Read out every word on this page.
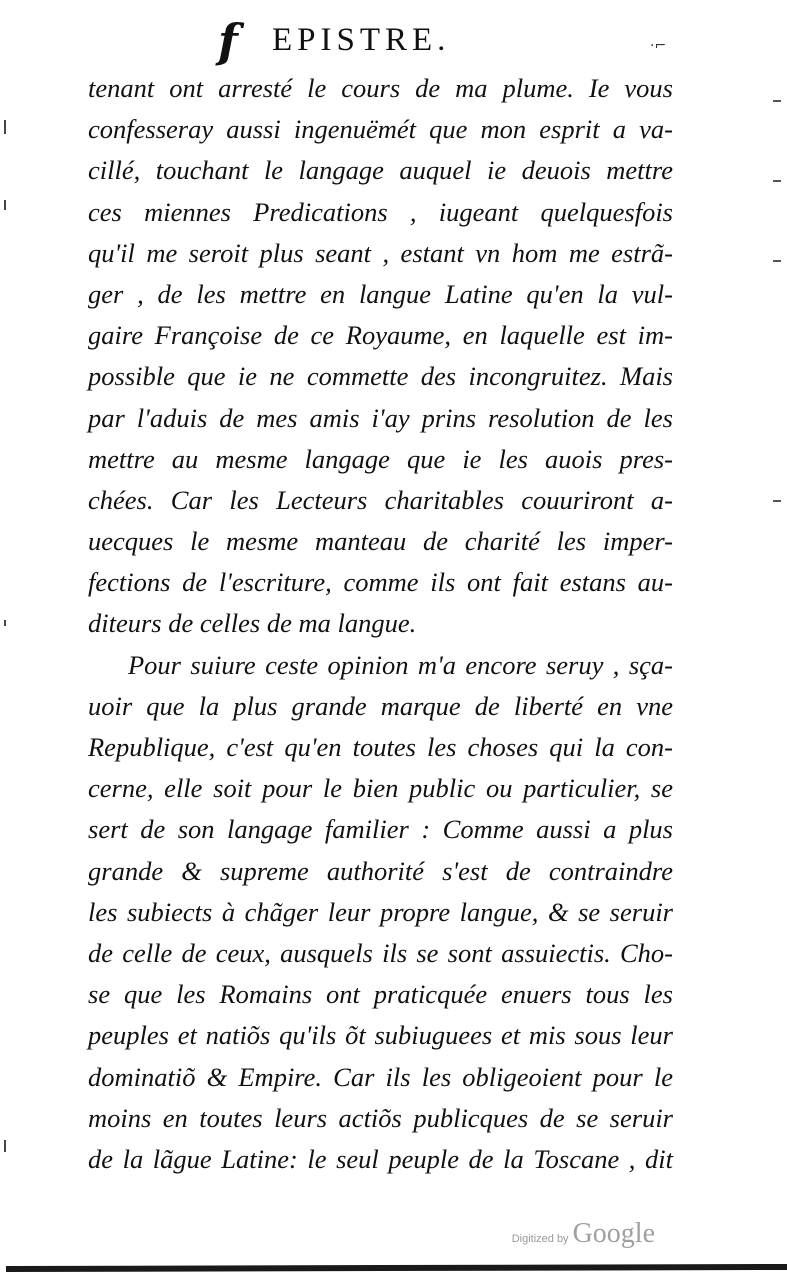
f EPISTRE.	·⌐
tenant ont arresté le cours de ma plume. Ie vous
confesseray aussi ingenuëmét que mon esprit a va-
cillé, touchant le langage auquel ie deuois mettre
ces miennes Predications , iugeant quelquesfois
qu'il me seroit plus seant , estant vn hom me estrã-
ger , de les mettre en langue Latine qu'en la vul-
gaire Françoise de ce Royaume, en laquelle est im-
possible que ie ne commette des incongruitez. Mais
par l'aduis de mes amis i'ay prins resolution de les
mettre au mesme langage que ie les auois pres-
chées. Car les Lecteurs charitables couuriront a-
uecques le mesme manteau de charité les imper-
fections de l'escriture, comme ils ont fait estans au-
diteurs de celles de ma langue.
Pour suiure ceste opinion m'a encore seruy , sça-
uoir que la plus grande marque de liberté en vne
Republique, c'est qu'en toutes les choses qui la con-
cerne, elle soit pour le bien public ou particulier, se
sert de son langage familier : Comme aussi a plus
grande & supreme authorité s'est de contraindre
les subiects à chãger leur propre langue, & se seruir
de celle de ceux, ausquels ils se sont assuiectis. Cho-
se que les Romains ont praticquée enuers tous les
peuples et natiõs qu'ils õt subiuguees et mis sous leur
dominatiõ & Empire. Car ils les obligeoient pour le
moins en toutes leurs actiõs publicques de se seruir
de la lãgue Latine: le seul peuple de la Toscane , dit
Digitized by Google
